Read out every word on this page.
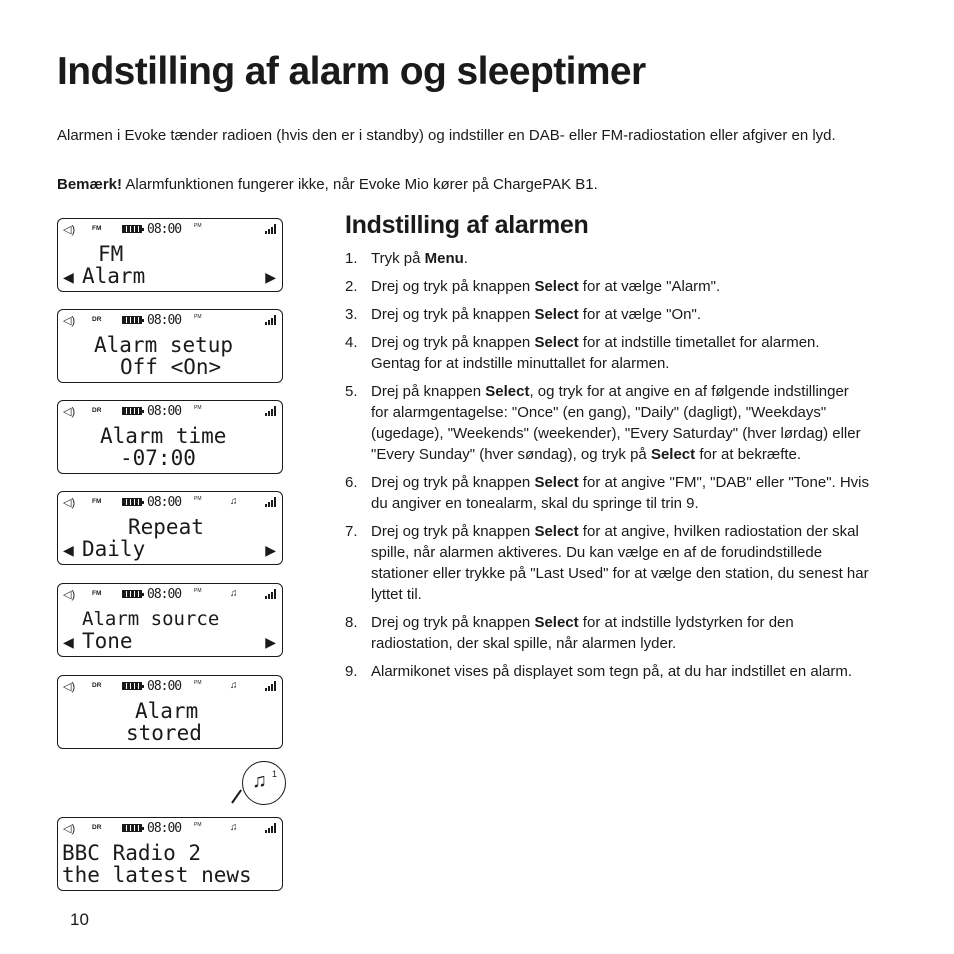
Indstilling af alarm og sleeptimer

Alarmen i Evoke tænder radioen (hvis den er i standby) og indstiller en DAB- eller FM-radiostation eller afgiver en lyd.

Bemærk! Alarmfunktionen fungerer ikke, når Evoke Mio kører på ChargePAK B1.

◁)	FM	08:00	PM
◀	▶
FM
Alarm
◁)	DR	08:00	PM
Alarm setup
Off <On>
◁)	DR	08:00	PM
Alarm time
-07:00
◁)	FM	08:00	PM	♫
◀	▶
Repeat
Daily
◁)	FM	08:00	PM	♫
◀	▶
Alarm source
Tone
◁)	DR	08:00	PM	♫
Alarm
stored
◁)	DR	08:00	PM	♫
BBC Radio 2
the latest news
♫ 1
Indstilling af alarmen
1. Tryk på Menu.
2. Drej og tryk på knappen Select for at vælge "Alarm".
3. Drej og tryk på knappen Select for at vælge "On".
4. Drej og tryk på knappen Select for at indstille timetallet for alarmen. Gentag for at indstille minuttallet for alarmen.
5. Drej på knappen Select, og tryk for at angive en af følgende indstillinger for alarmgentagelse: "Once" (en gang), "Daily" (dagligt), "Weekdays" (ugedage), "Weekends" (weekender), "Every Saturday" (hver lørdag) eller "Every Sunday" (hver søndag), og tryk på Select for at bekræfte.
6. Drej og tryk på knappen Select for at angive "FM", "DAB" eller "Tone". Hvis du angiver en tonealarm, skal du springe til trin 9.
7. Drej og tryk på knappen Select for at angive, hvilken radiostation der skal spille, når alarmen aktiveres. Du kan vælge en af de forudindstillede stationer eller trykke på "Last Used" for at vælge den station, du senest har lyttet til.
8. Drej og tryk på knappen Select for at indstille lydstyrken for den radiostation, der skal spille, når alarmen lyder.
9. Alarmikonet vises på displayet som tegn på, at du har indstillet en alarm.
10
